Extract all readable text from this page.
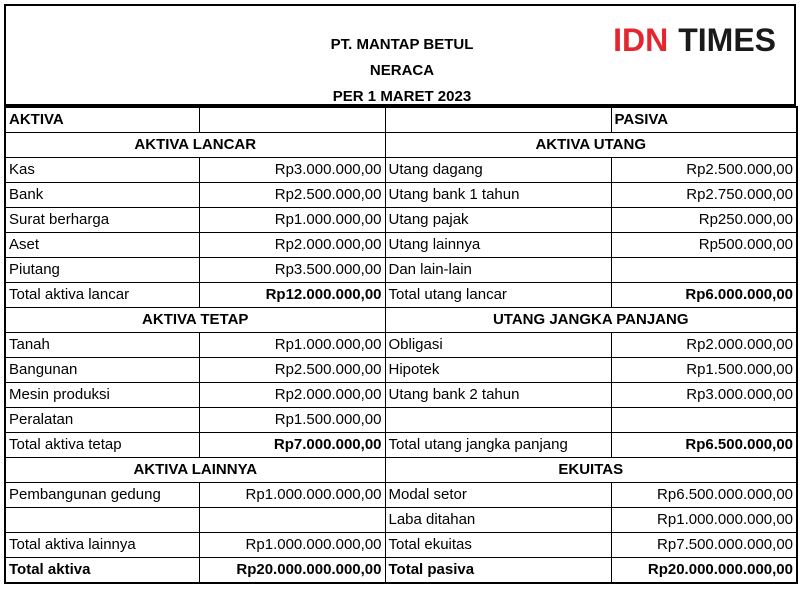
PT. MANTAP BETUL
NERACA
PER 1 MARET 2023
IDN TIMES
AKTIVA			PASIVA
AKTIVA LANCAR		AKTIVA UTANG	
Kas	Rp3.000.000,00	Utang dagang	Rp2.500.000,00
Bank	Rp2.500.000,00	Utang bank 1 tahun	Rp2.750.000,00
Surat berharga	Rp1.000.000,00	Utang pajak	Rp250.000,00
Aset	Rp2.000.000,00	Utang lainnya	Rp500.000,00
Piutang	Rp3.500.000,00	Dan lain-lain	
Total aktiva lancar	Rp12.000.000,00	Total utang lancar	Rp6.000.000,00
AKTIVA TETAP		UTANG JANGKA PANJANG	
Tanah	Rp1.000.000,00	Obligasi	Rp2.000.000,00
Bangunan	Rp2.500.000,00	Hipotek	Rp1.500.000,00
Mesin produksi	Rp2.000.000,00	Utang bank 2 tahun	Rp3.000.000,00
Peralatan	Rp1.500.000,00		
Total aktiva tetap	Rp7.000.000,00	Total utang jangka panjang	Rp6.500.000,00
AKTIVA LAINNYA		EKUITAS	
Pembangunan gedung	Rp1.000.000.000,00	Modal setor	Rp6.500.000.000,00
		Laba ditahan	Rp1.000.000.000,00
Total aktiva lainnya	Rp1.000.000.000,00	Total ekuitas	Rp7.500.000.000,00
Total aktiva	Rp20.000.000.000,00	Total pasiva	Rp20.000.000.000,00
